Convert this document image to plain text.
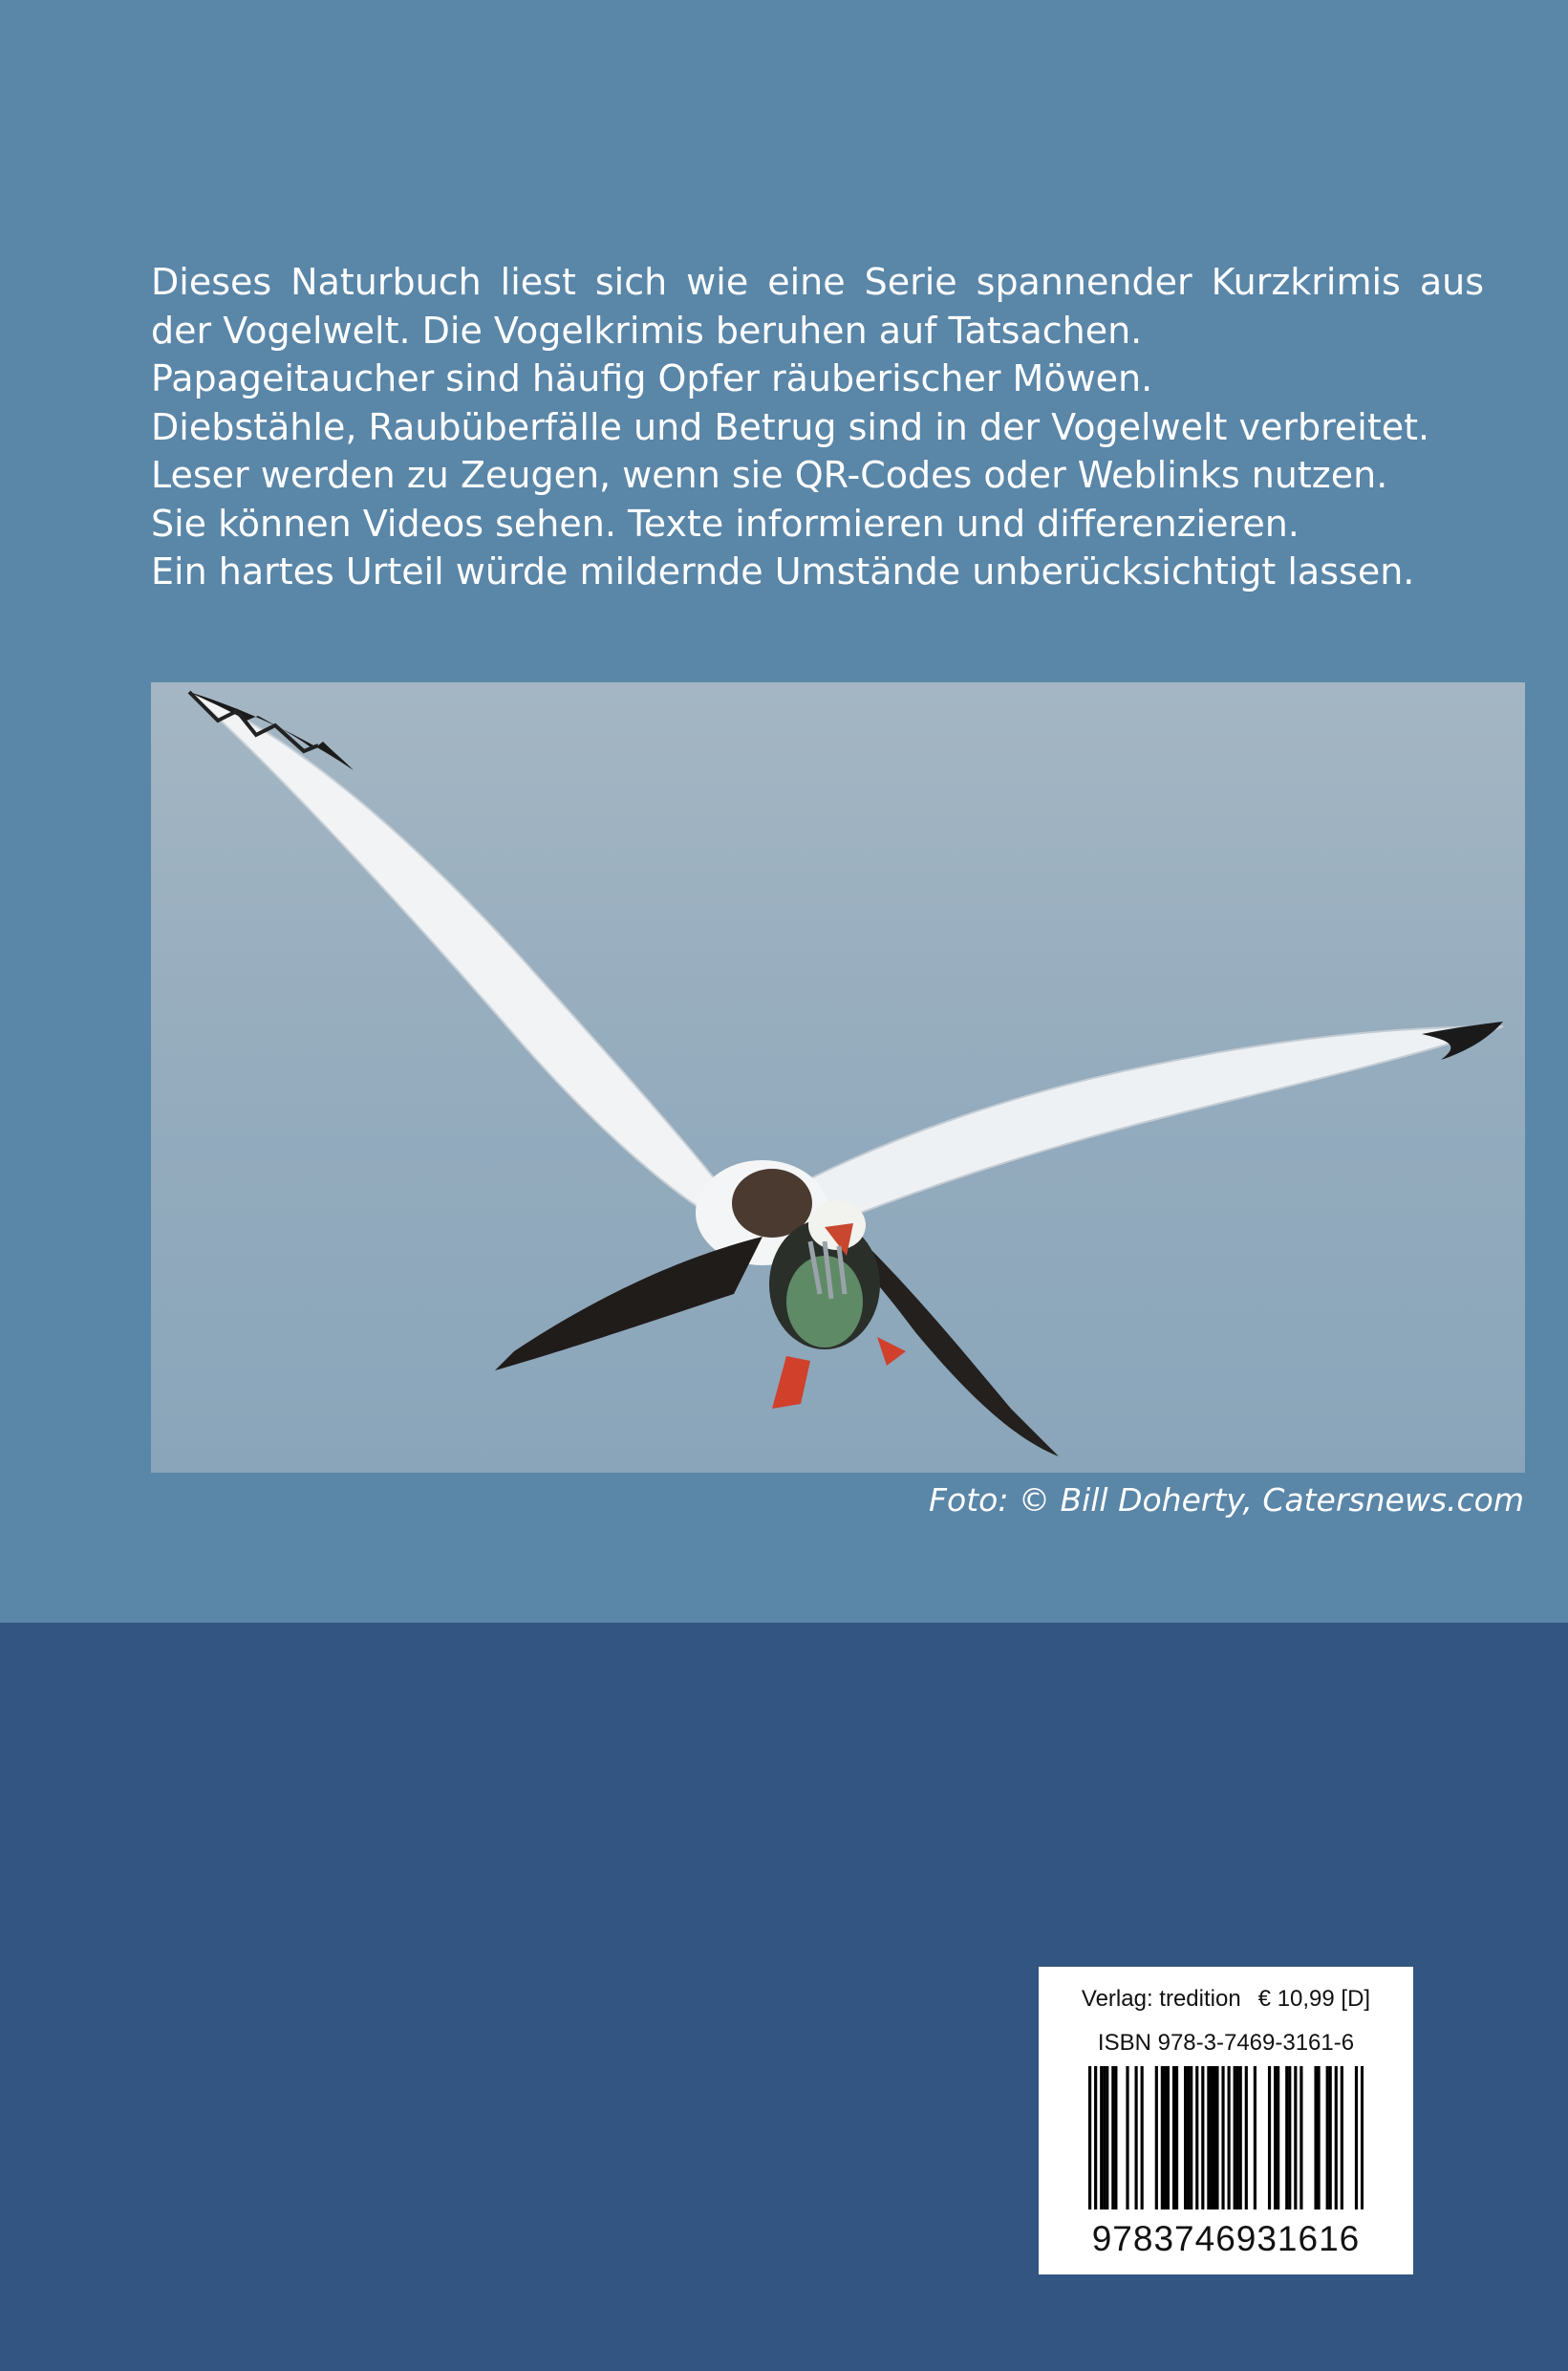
Dieses Naturbuch liest sich wie eine Serie spannender Kurzkrimis aus
der Vogelwelt. Die Vogelkrimis beruhen auf Tatsachen.
Papageitaucher sind häufig Opfer räuberischer Möwen.
Diebstähle, Raubüberfälle und Betrug sind in der Vogelwelt verbreitet.
Leser werden zu Zeugen, wenn sie QR-Codes oder Weblinks nutzen.
Sie können Videos sehen. Texte informieren und differenzieren.
Ein hartes Urteil würde mildernde Umstände unberücksichtigt lassen.
Foto: © Bill Doherty, Catersnews.com
Verlag: tredition € 10,99 [D]
ISBN 978-3-7469-3161-6
9783746931616
